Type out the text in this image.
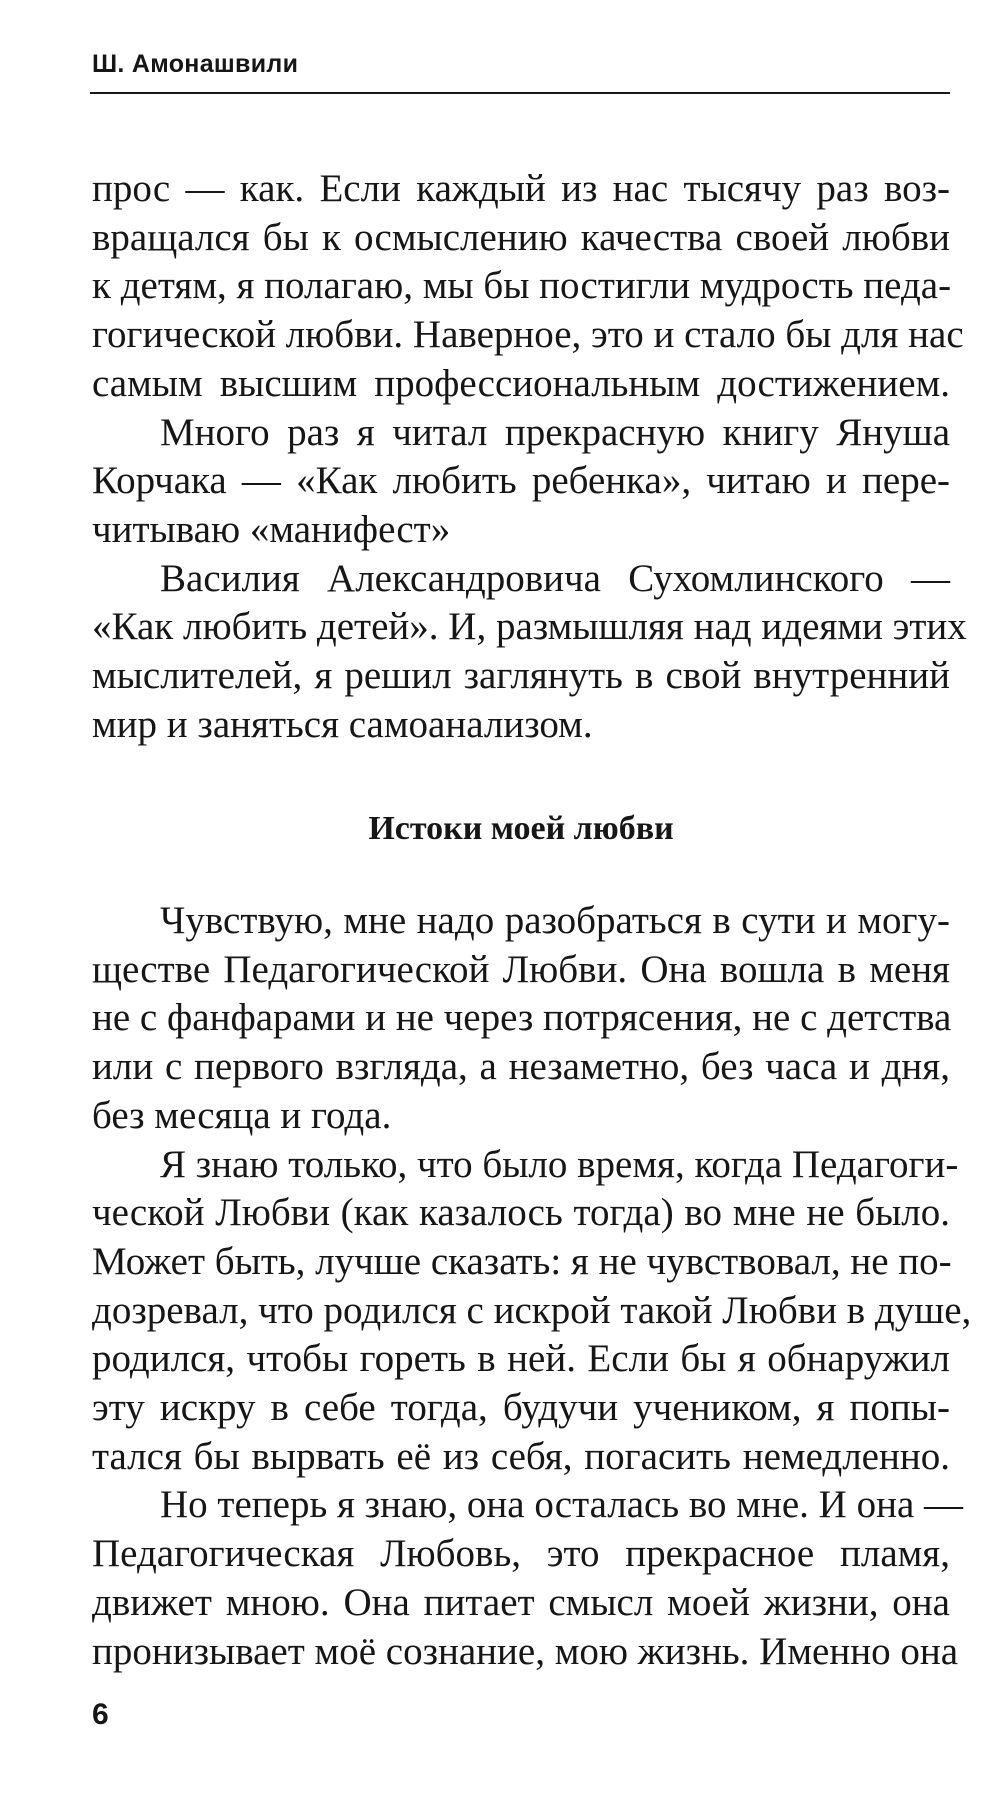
Ш. Амонашвили
прос — как. Если каждый из нас тысячу раз воз-
вращался бы к осмыслению качества своей любви
к детям, я полагаю, мы бы постигли мудрость педа-
гогической любви. Наверное, это и стало бы для нас
самым высшим профессиональным достижением.
Много раз я читал прекрасную книгу Януша
Корчака — «Как любить ребенка», читаю и пере-
читываю «манифест»
Василия Александровича Сухомлинского —
«Как любить детей». И, размышляя над идеями этих
мыслителей, я решил заглянуть в свой внутренний
мир и заняться самоанализом.
Истоки моей любви
Чувствую, мне надо разобраться в сути и могу-
ществе Педагогической Любви. Она вошла в меня
не с фанфарами и не через потрясения, не с детства
или с первого взгляда, а незаметно, без часа и дня,
без месяца и года.
Я знаю только, что было время, когда Педагоги-
ческой Любви (как казалось тогда) во мне не было.
Может быть, лучше сказать: я не чувствовал, не по-
дозревал, что родился с искрой такой Любви в душе,
родился, чтобы гореть в ней. Если бы я обнаружил
эту искру в себе тогда, будучи учеником, я попы-
тался бы вырвать её из себя, погасить немедленно.
Но теперь я знаю, она осталась во мне. И она —
Педагогическая Любовь, это прекрасное пламя,
движет мною. Она питает смысл моей жизни, она
пронизывает моё сознание, мою жизнь. Именно она
6
